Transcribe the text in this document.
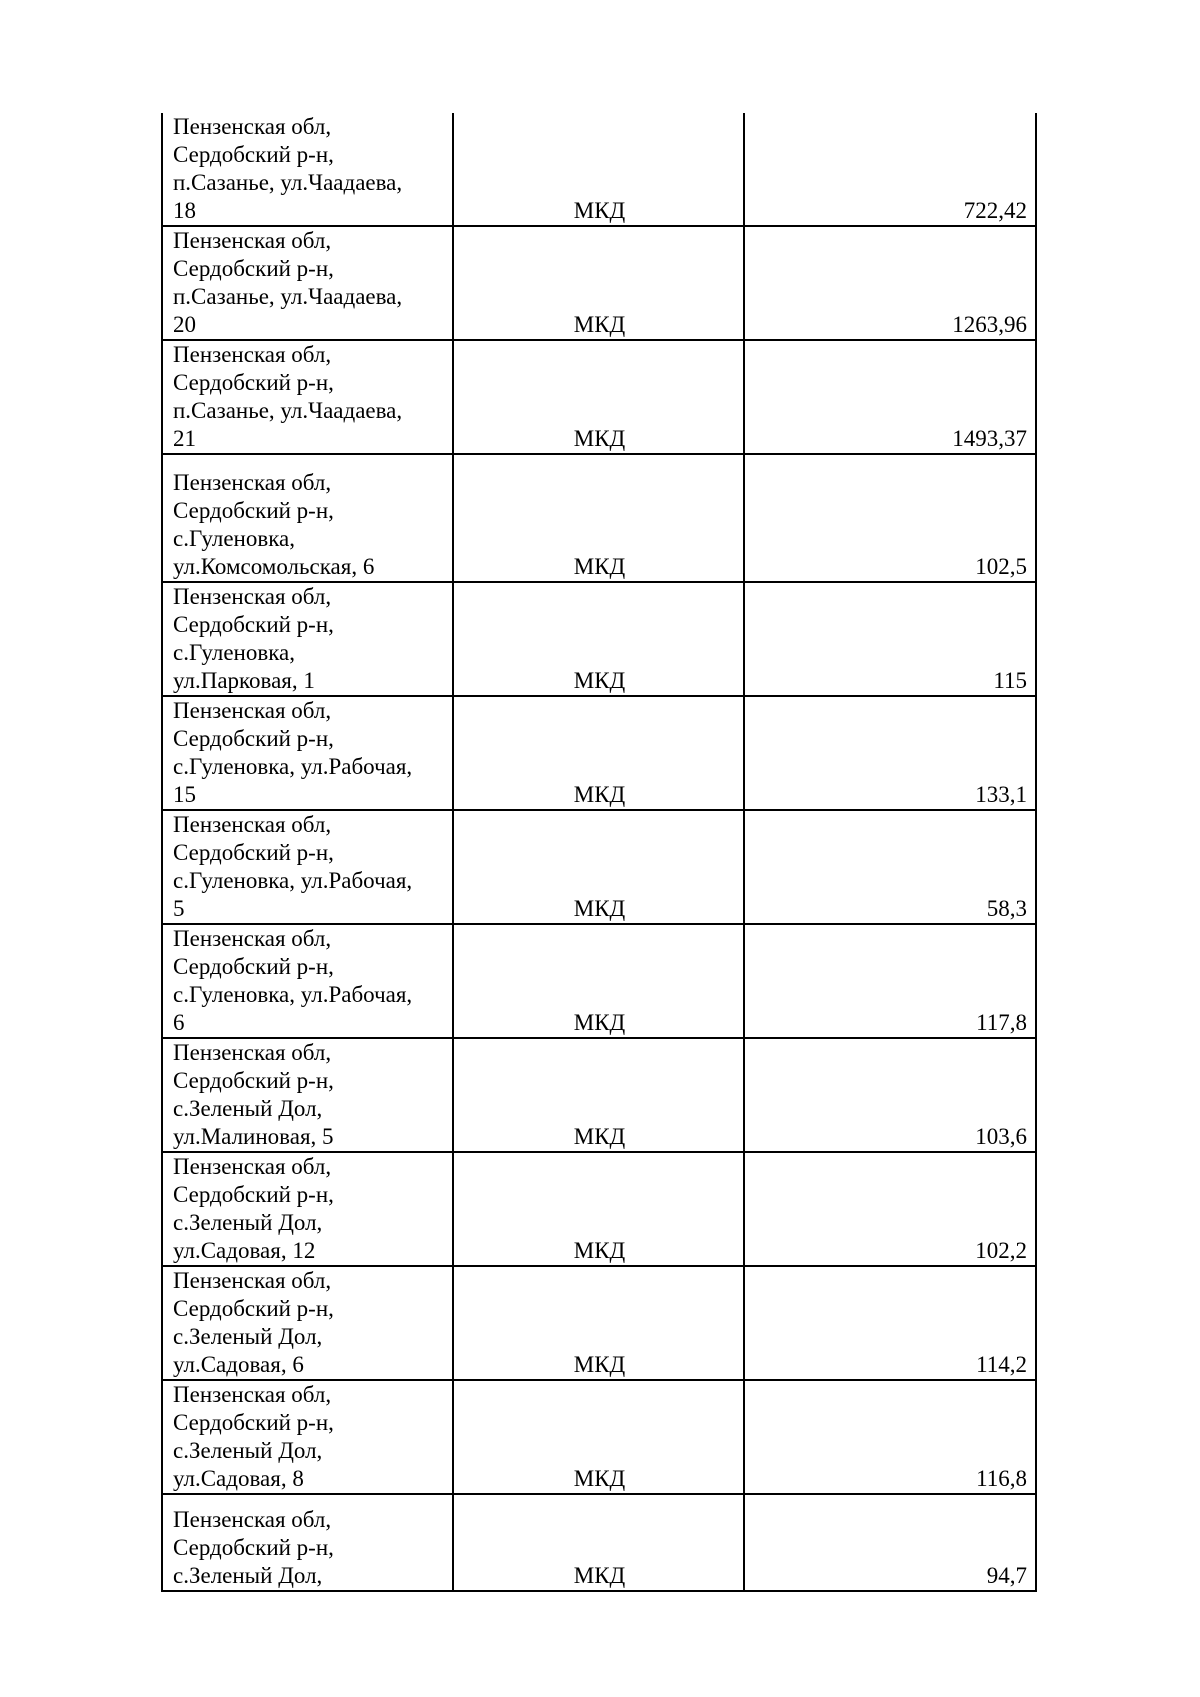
Пензенская обл,
Сердобский р-н,
п.Сазанье, ул.Чаадаева,
18	МКД	722,42
Пензенская обл,
Сердобский р-н,
п.Сазанье, ул.Чаадаева,
20	МКД	1263,96
Пензенская обл,
Сердобский р-н,
п.Сазанье, ул.Чаадаева,
21	МКД	1493,37
Пензенская обл,
Сердобский р-н,
с.Гуленовка,
ул.Комсомольская, 6	МКД	102,5
Пензенская обл,
Сердобский р-н,
с.Гуленовка,
ул.Парковая, 1	МКД	115
Пензенская обл,
Сердобский р-н,
с.Гуленовка, ул.Рабочая,
15	МКД	133,1
Пензенская обл,
Сердобский р-н,
с.Гуленовка, ул.Рабочая,
5	МКД	58,3
Пензенская обл,
Сердобский р-н,
с.Гуленовка, ул.Рабочая,
6	МКД	117,8
Пензенская обл,
Сердобский р-н,
с.Зеленый Дол,
ул.Малиновая, 5	МКД	103,6
Пензенская обл,
Сердобский р-н,
с.Зеленый Дол,
ул.Садовая, 12	МКД	102,2
Пензенская обл,
Сердобский р-н,
с.Зеленый Дол,
ул.Садовая, 6	МКД	114,2
Пензенская обл,
Сердобский р-н,
с.Зеленый Дол,
ул.Садовая, 8	МКД	116,8
Пензенская обл,
Сердобский р-н,
с.Зеленый Дол,	МКД	94,7
